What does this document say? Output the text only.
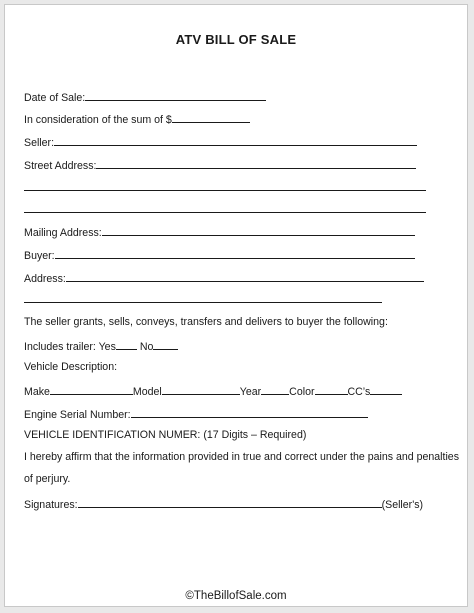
ATV BILL OF SALE
Date of Sale:
In consideration of the sum of $
Seller:
Street Address:
Mailing Address:
Buyer:
Address:
The seller grants, sells, conveys, transfers and delivers to buyer the following:
Includes trailer: Yes No
Vehicle Description:
Make	Model	Year	Color	CC’s
Engine Serial Number:
VEHICLE IDENTIFICATION NUMER: (17 Digits – Required)
I hereby affirm that the information provided in true and correct under the pains and penalties
of perjury.
Signatures:	(Seller's)
©TheBillofSale.com
